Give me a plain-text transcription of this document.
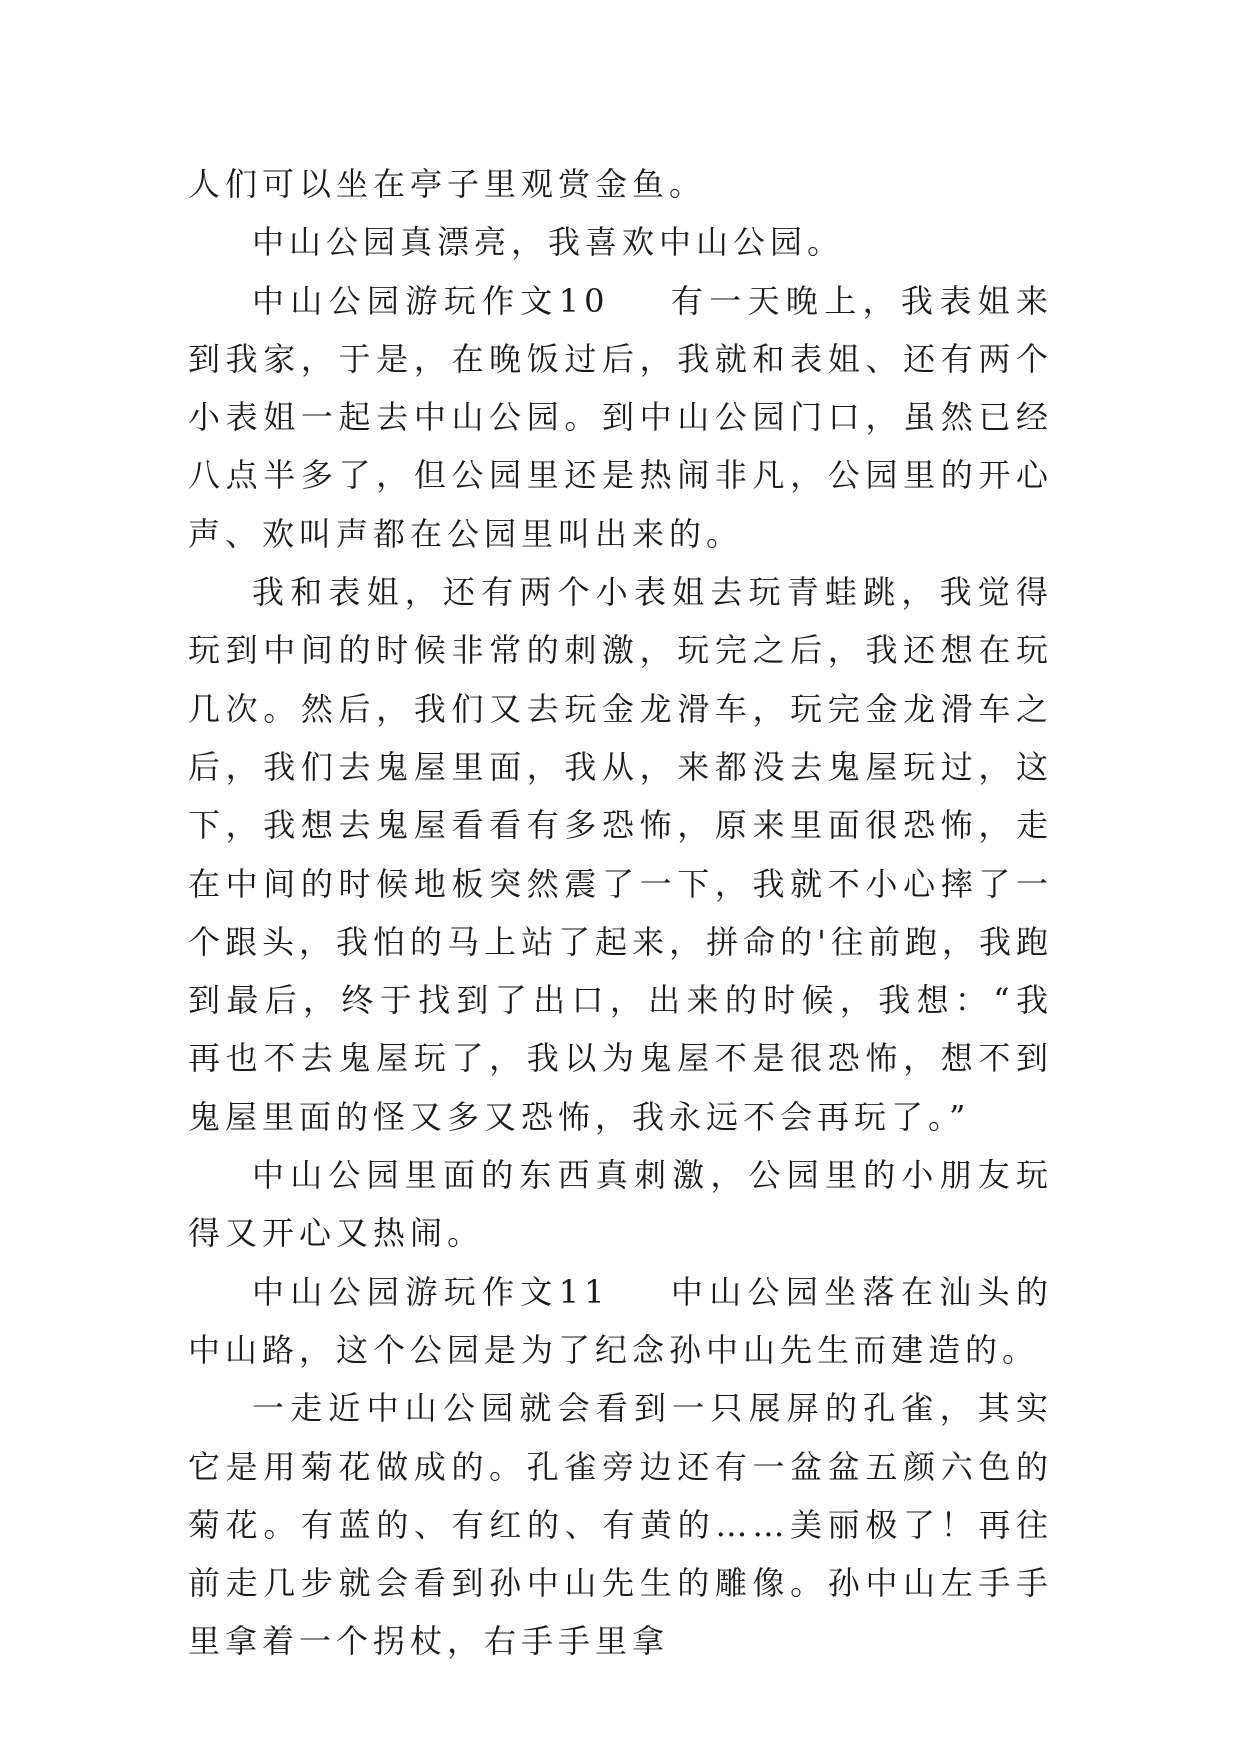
人们可以坐在亭子里观赏金鱼。

中山公园真漂亮，我喜欢中山公园。

中山公园游玩作文10 有一天晚上，我表姐来到我家，于是，在晚饭过后，我就和表姐、还有两个小表姐一起去中山公园。到中山公园门口，虽然已经八点半多了，但公园里还是热闹非凡，公园里的开心声、欢叫声都在公园里叫出来的。

我和表姐，还有两个小表姐去玩青蛙跳，我觉得玩到中间的时候非常的刺激，玩完之后，我还想在玩几次。然后，我们又去玩金龙滑车，玩完金龙滑车之后，我们去鬼屋里面，我从，来都没去鬼屋玩过，这下，我想去鬼屋看看有多恐怖，原来里面很恐怖，走在中间的时候地板突然震了一下，我就不小心摔了一个跟头，我怕的马上站了起来，拼命的'往前跑，我跑到最后，终于找到了出口，出来的时候，我想：“我再也不去鬼屋玩了，我以为鬼屋不是很恐怖，想不到鬼屋里面的怪又多又恐怖，我永远不会再玩了。”

中山公园里面的东西真刺激，公园里的小朋友玩得又开心又热闹。

中山公园游玩作文11 中山公园坐落在汕头的中山路，这个公园是为了纪念孙中山先生而建造的。

一走近中山公园就会看到一只展屏的孔雀，其实它是用菊花做成的。孔雀旁边还有一盆盆五颜六色的菊花。有蓝的、有红的、有黄的……美丽极了！再往前走几步就会看到孙中山先生的雕像。孙中山左手手里拿着一个拐杖，右手手里拿
